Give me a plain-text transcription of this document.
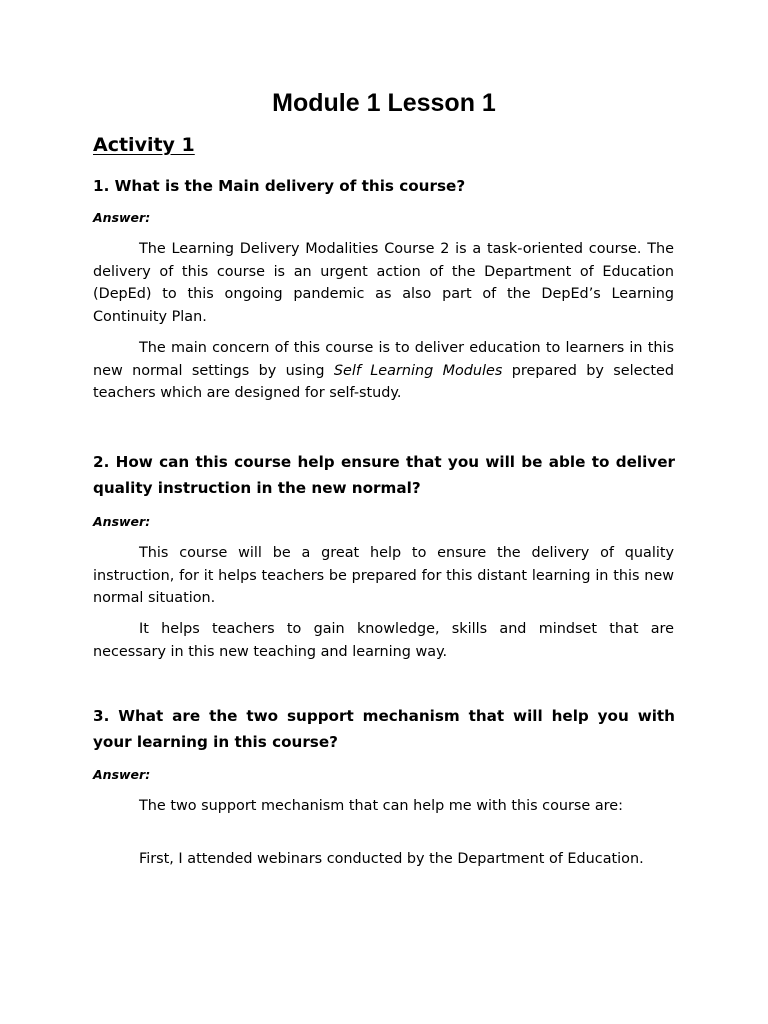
Module 1 Lesson 1
Activity 1

1. What is the Main delivery of this course?

Answer:

The Learning Delivery Modalities Course 2 is a task-oriented course. The delivery of this course is an urgent action of the Department of Education (DepEd) to this ongoing pandemic as also part of the DepEd’s Learning Continuity Plan.

The main concern of this course is to deliver education to learners in this new normal settings by using Self Learning Modules prepared by selected teachers which are designed for self-study.

2. How can this course help ensure that you will be able to deliver quality instruction in the new normal?

Answer:

This course will be a great help to ensure the delivery of quality instruction, for it helps teachers be prepared for this distant learning in this new normal situation.

It helps teachers to gain knowledge, skills and mindset that are necessary in this new teaching and learning way.

3. What are the two support mechanism that will help you with your learning in this course?

Answer:

The two support mechanism that can help me with this course are:

First, I attended webinars conducted by the Department of Education.
